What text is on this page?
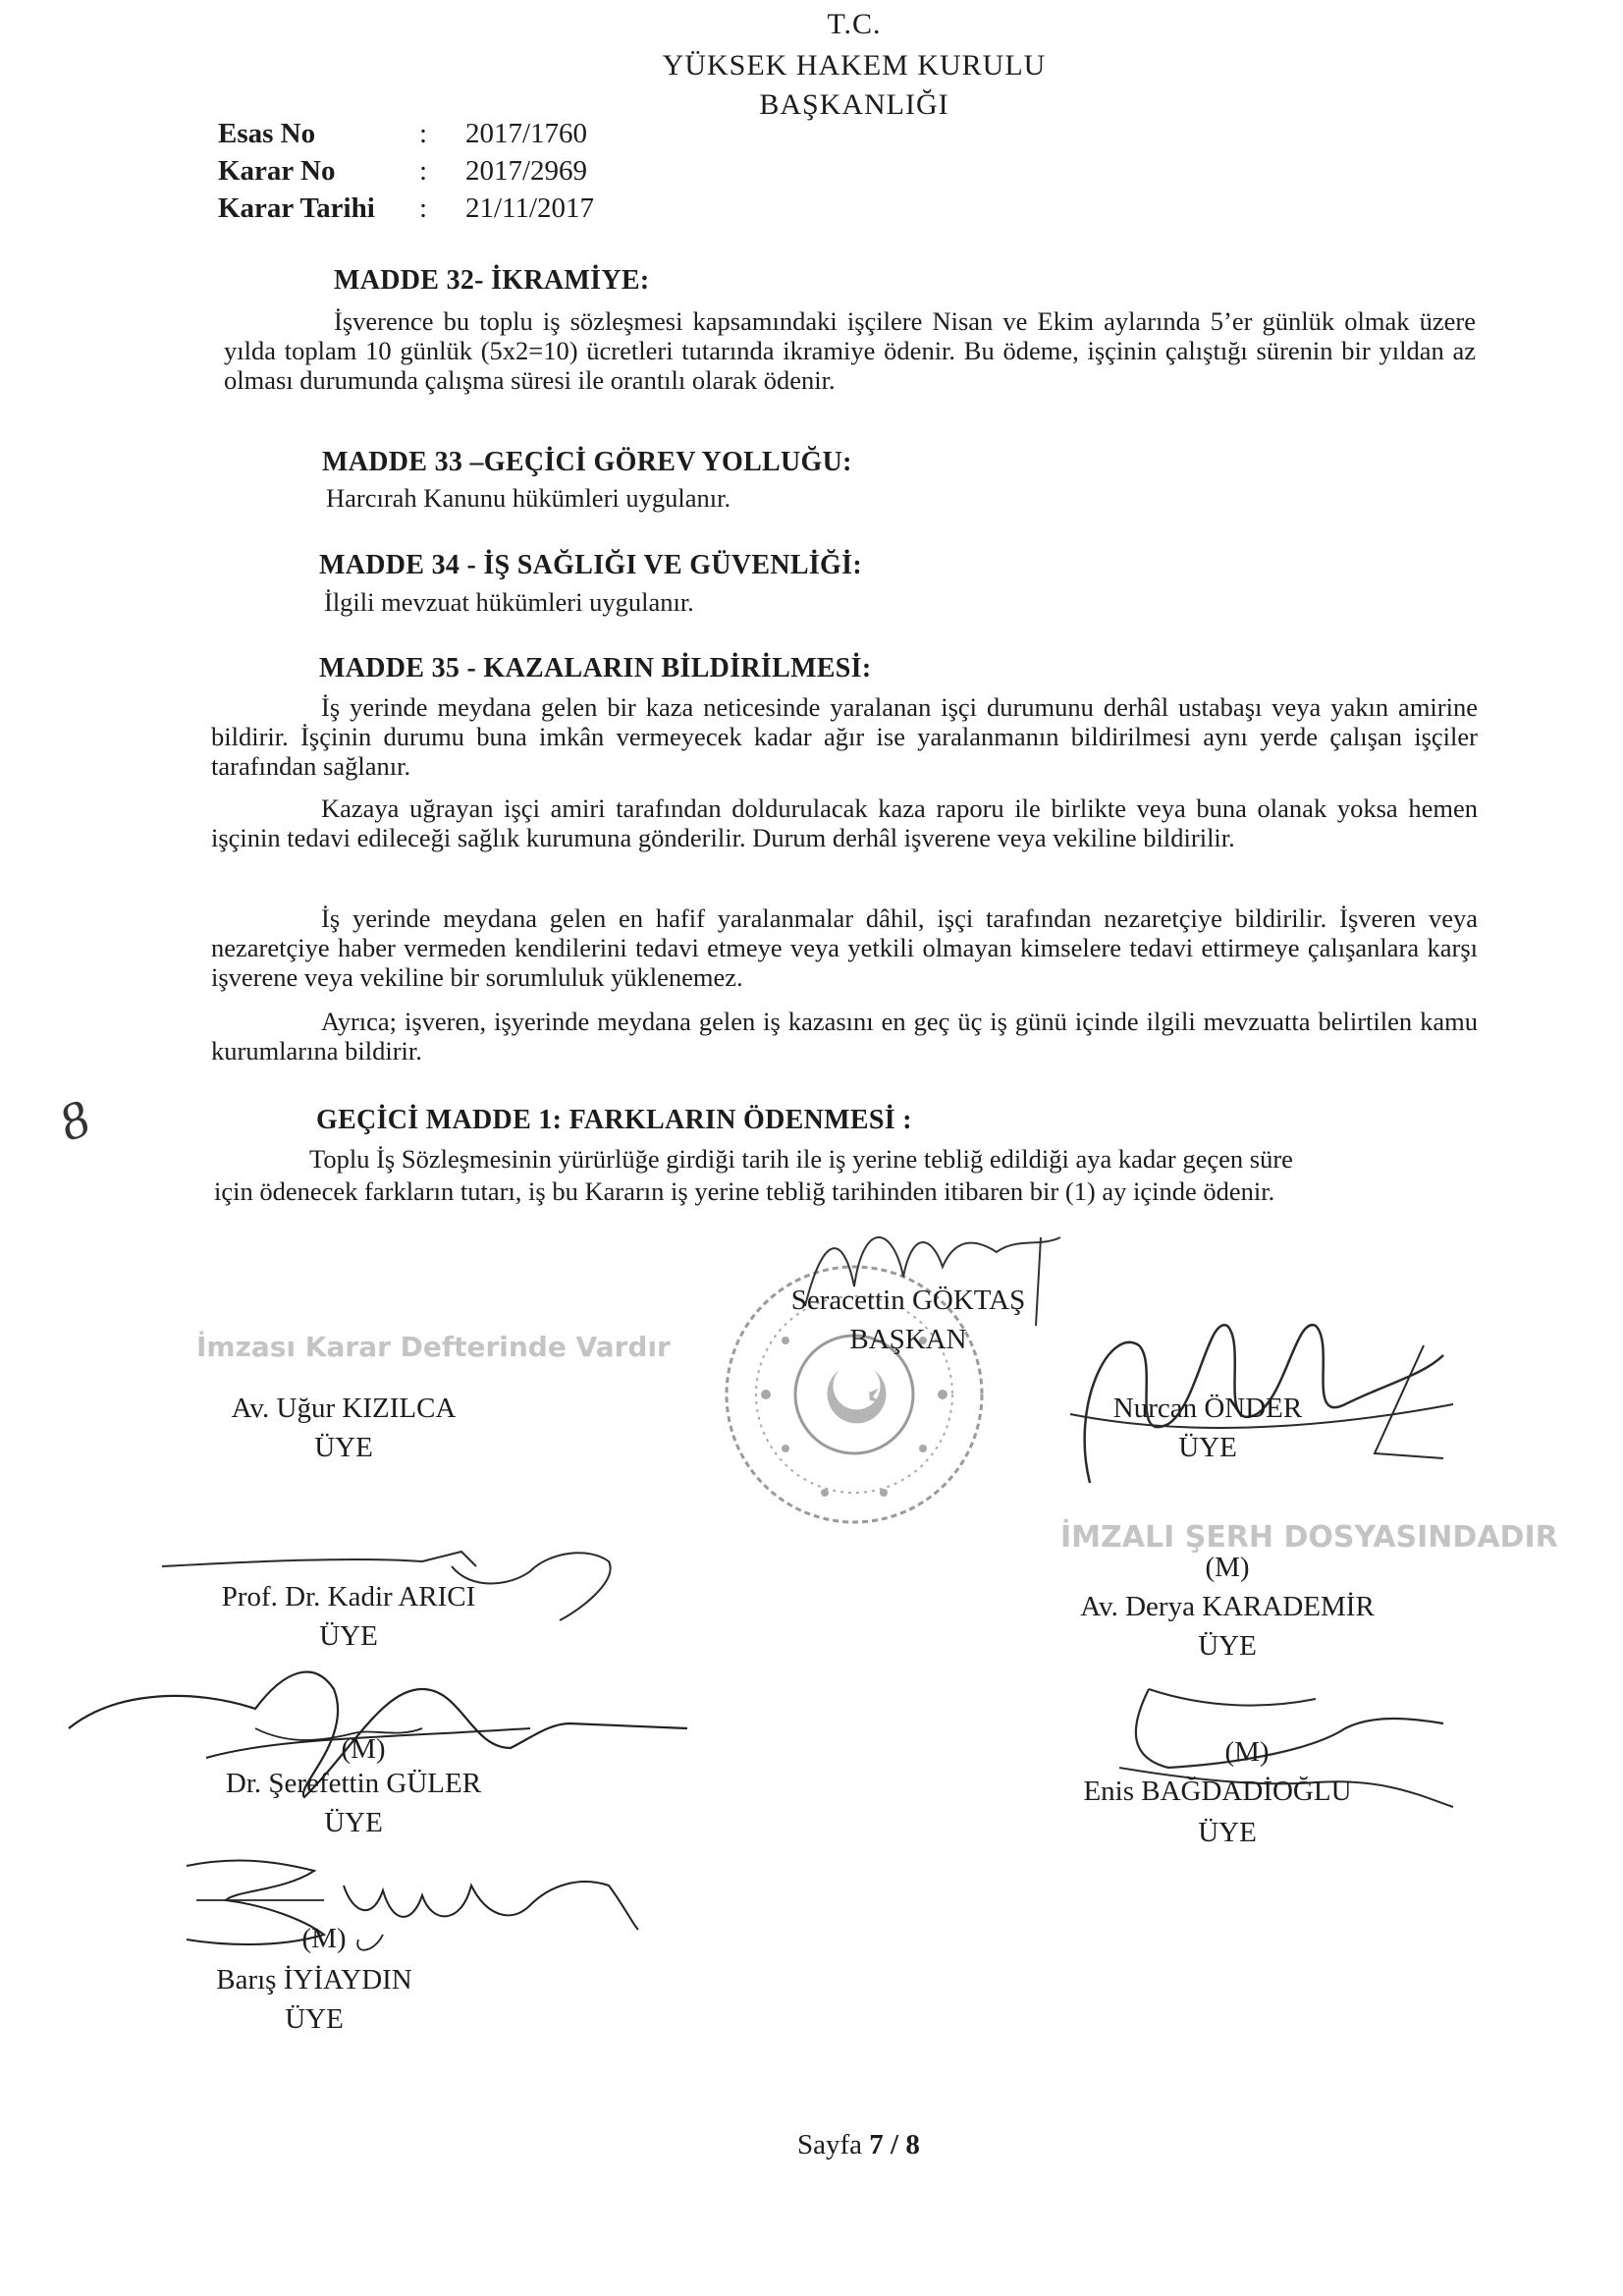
T.C.
YÜKSEK HAKEM KURULU
BAŞKANLIĞI
Esas No	: 2017/1760
Karar No	: 2017/2969
Karar Tarihi	: 21/11/2017
MADDE 32- İKRAMİYE:
İşverence bu toplu iş sözleşmesi kapsamındaki işçilere Nisan ve Ekim aylarında 5’er günlük olmak üzere yılda toplam 10 günlük (5x2=10) ücretleri tutarında ikramiye ödenir. Bu ödeme, işçinin çalıştığı sürenin bir yıldan az olması durumunda çalışma süresi ile orantılı olarak ödenir.
MADDE 33 –GEÇİCİ GÖREV YOLLUĞU:
Harcırah Kanunu hükümleri uygulanır.
MADDE 34 - İŞ SAĞLIĞI VE GÜVENLİĞİ:
İlgili mevzuat hükümleri uygulanır.
MADDE 35 - KAZALARIN BİLDİRİLMESİ:
İş yerinde meydana gelen bir kaza neticesinde yaralanan işçi durumunu derhâl ustabaşı veya yakın amirine bildirir. İşçinin durumu buna imkân vermeyecek kadar ağır ise yaralanmanın bildirilmesi aynı yerde çalışan işçiler tarafından sağlanır.
Kazaya uğrayan işçi amiri tarafından doldurulacak kaza raporu ile birlikte veya buna olanak yoksa hemen işçinin tedavi edileceği sağlık kurumuna gönderilir. Durum derhâl işverene veya vekiline bildirilir.
İş yerinde meydana gelen en hafif yaralanmalar dâhil, işçi tarafından nezaretçiye bildirilir. İşveren veya nezaretçiye haber vermeden kendilerini tedavi etmeye veya yetkili olmayan kimselere tedavi ettirmeye çalışanlara karşı işverene veya vekiline bir sorumluluk yüklenemez.
Ayrıca; işveren, işyerinde meydana gelen iş kazasını en geç üç iş günü içinde ilgili mevzuatta belirtilen kamu kurumlarına bildirir.
8	GEÇİCİ MADDE 1: FARKLARIN ÖDENMESİ :
Toplu İş Sözleşmesinin yürürlüğe girdiği tarih ile iş yerine tebliğ edildiği aya kadar geçen süre
için ödenecek farkların tutarı, iş bu Kararın iş yerine tebliğ tarihinden itibaren bir (1) ay içinde ödenir.
Seracettin GÖKTAŞ
BAŞKAN
İmzası Karar Defterinde Vardır
Av. Uğur KIZILCA
ÜYE
Nurcan ÖNDER
ÜYE
İMZALI ŞERH DOSYASINDADIR
Prof. Dr. Kadir ARICI
ÜYE
(M)
Av. Derya KARADEMİR
ÜYE
(M)
Dr. Şerefettin GÜLER
ÜYE
(M)
Enis BAĞDADİOĞLU
ÜYE
(M)
Barış İYİAYDIN
ÜYE
Sayfa 7 / 8
